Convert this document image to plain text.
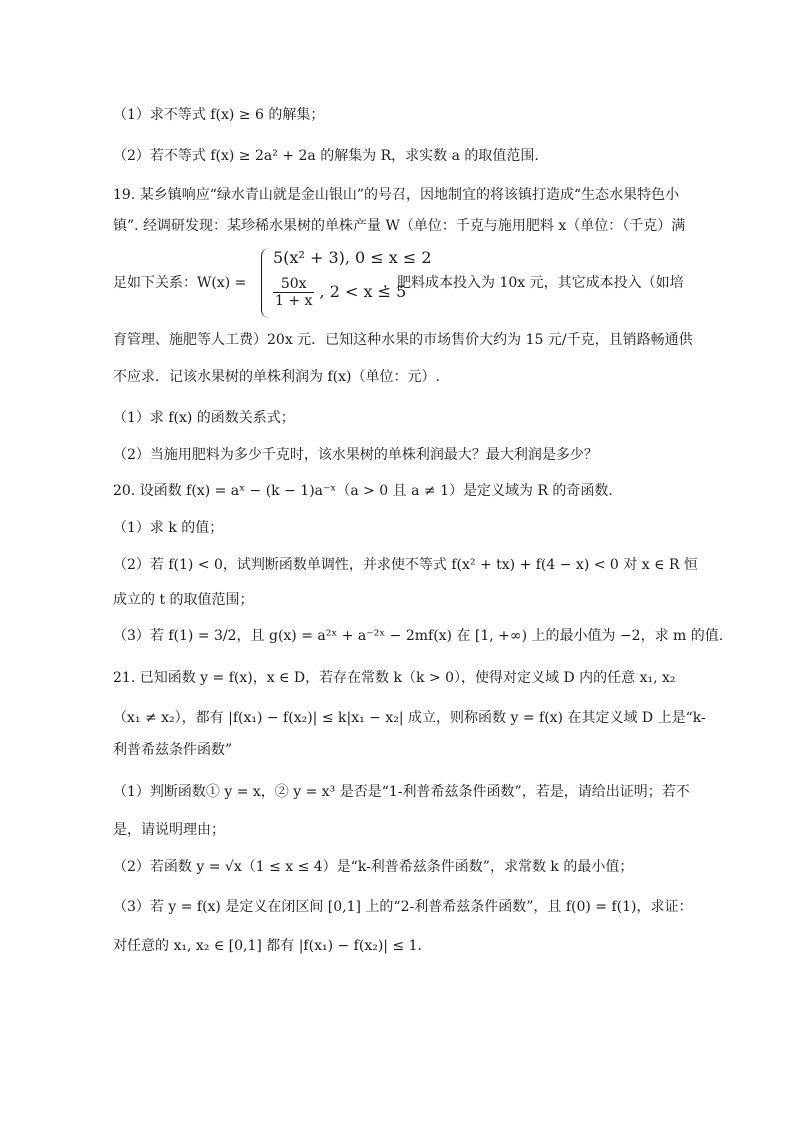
（1）求不等式 f(x) ≥ 6 的解集；
（2）若不等式 f(x) ≥ 2a² + 2a 的解集为 R，求实数 a 的取值范围.
19. 某乡镇响应“绿水青山就是金山银山”的号召，因地制宜的将该镇打造成“生态水果特色小
镇”. 经调研发现：某珍稀水果树的单株产量 W（单位：千克与施用肥料 x（单位：（千克）满
足如下关系：W(x) =
5(x² + 3), 0 ≤ x ≤ 2
$\frac{50x}{1 + x}$ , 2 < x ≤ 5
，肥料成本投入为 10x 元，其它成本投入（如培
育管理、施肥等人工费）20x 元．已知这种水果的市场售价大约为 15 元/千克，且销路畅通供
不应求．记该水果树的单株利润为 f(x)（单位：元）.
（1）求 f(x) 的函数关系式；
（2）当施用肥料为多少千克时，该水果树的单株利润最大？最大利润是多少？
20. 设函数 f(x) = aˣ − (k − 1)a⁻ˣ（a > 0 且 a ≠ 1）是定义域为 R 的奇函数.
（1）求 k 的值；
（2）若 f(1) < 0，试判断函数单调性，并求使不等式 f(x² + tx) + f(4 − x) < 0 对 x ∈ R 恒
成立的 t 的取值范围；
（3）若 f(1) = 3/2，且 g(x) = a²ˣ + a⁻²ˣ − 2mf(x) 在 [1, +∞) 上的最小值为 −2，求 m 的值.
21. 已知函数 y = f(x)，x ∈ D，若存在常数 k（k > 0），使得对定义域 D 内的任意 x₁, x₂
（x₁ ≠ x₂），都有 |f(x₁) − f(x₂)| ≤ k|x₁ − x₂| 成立，则称函数 y = f(x) 在其定义域 D 上是“k-
利普希兹条件函数”
（1）判断函数① y = x，② y = x³ 是否是“1-利普希兹条件函数”，若是，请给出证明；若不
是，请说明理由；
（2）若函数 y = √x（1 ≤ x ≤ 4）是“k-利普希兹条件函数”，求常数 k 的最小值；
（3）若 y = f(x) 是定义在闭区间 [0,1] 上的“2-利普希兹条件函数”，且 f(0) = f(1)，求证：
对任意的 x₁, x₂ ∈ [0,1] 都有 |f(x₁) − f(x₂)| ≤ 1.
